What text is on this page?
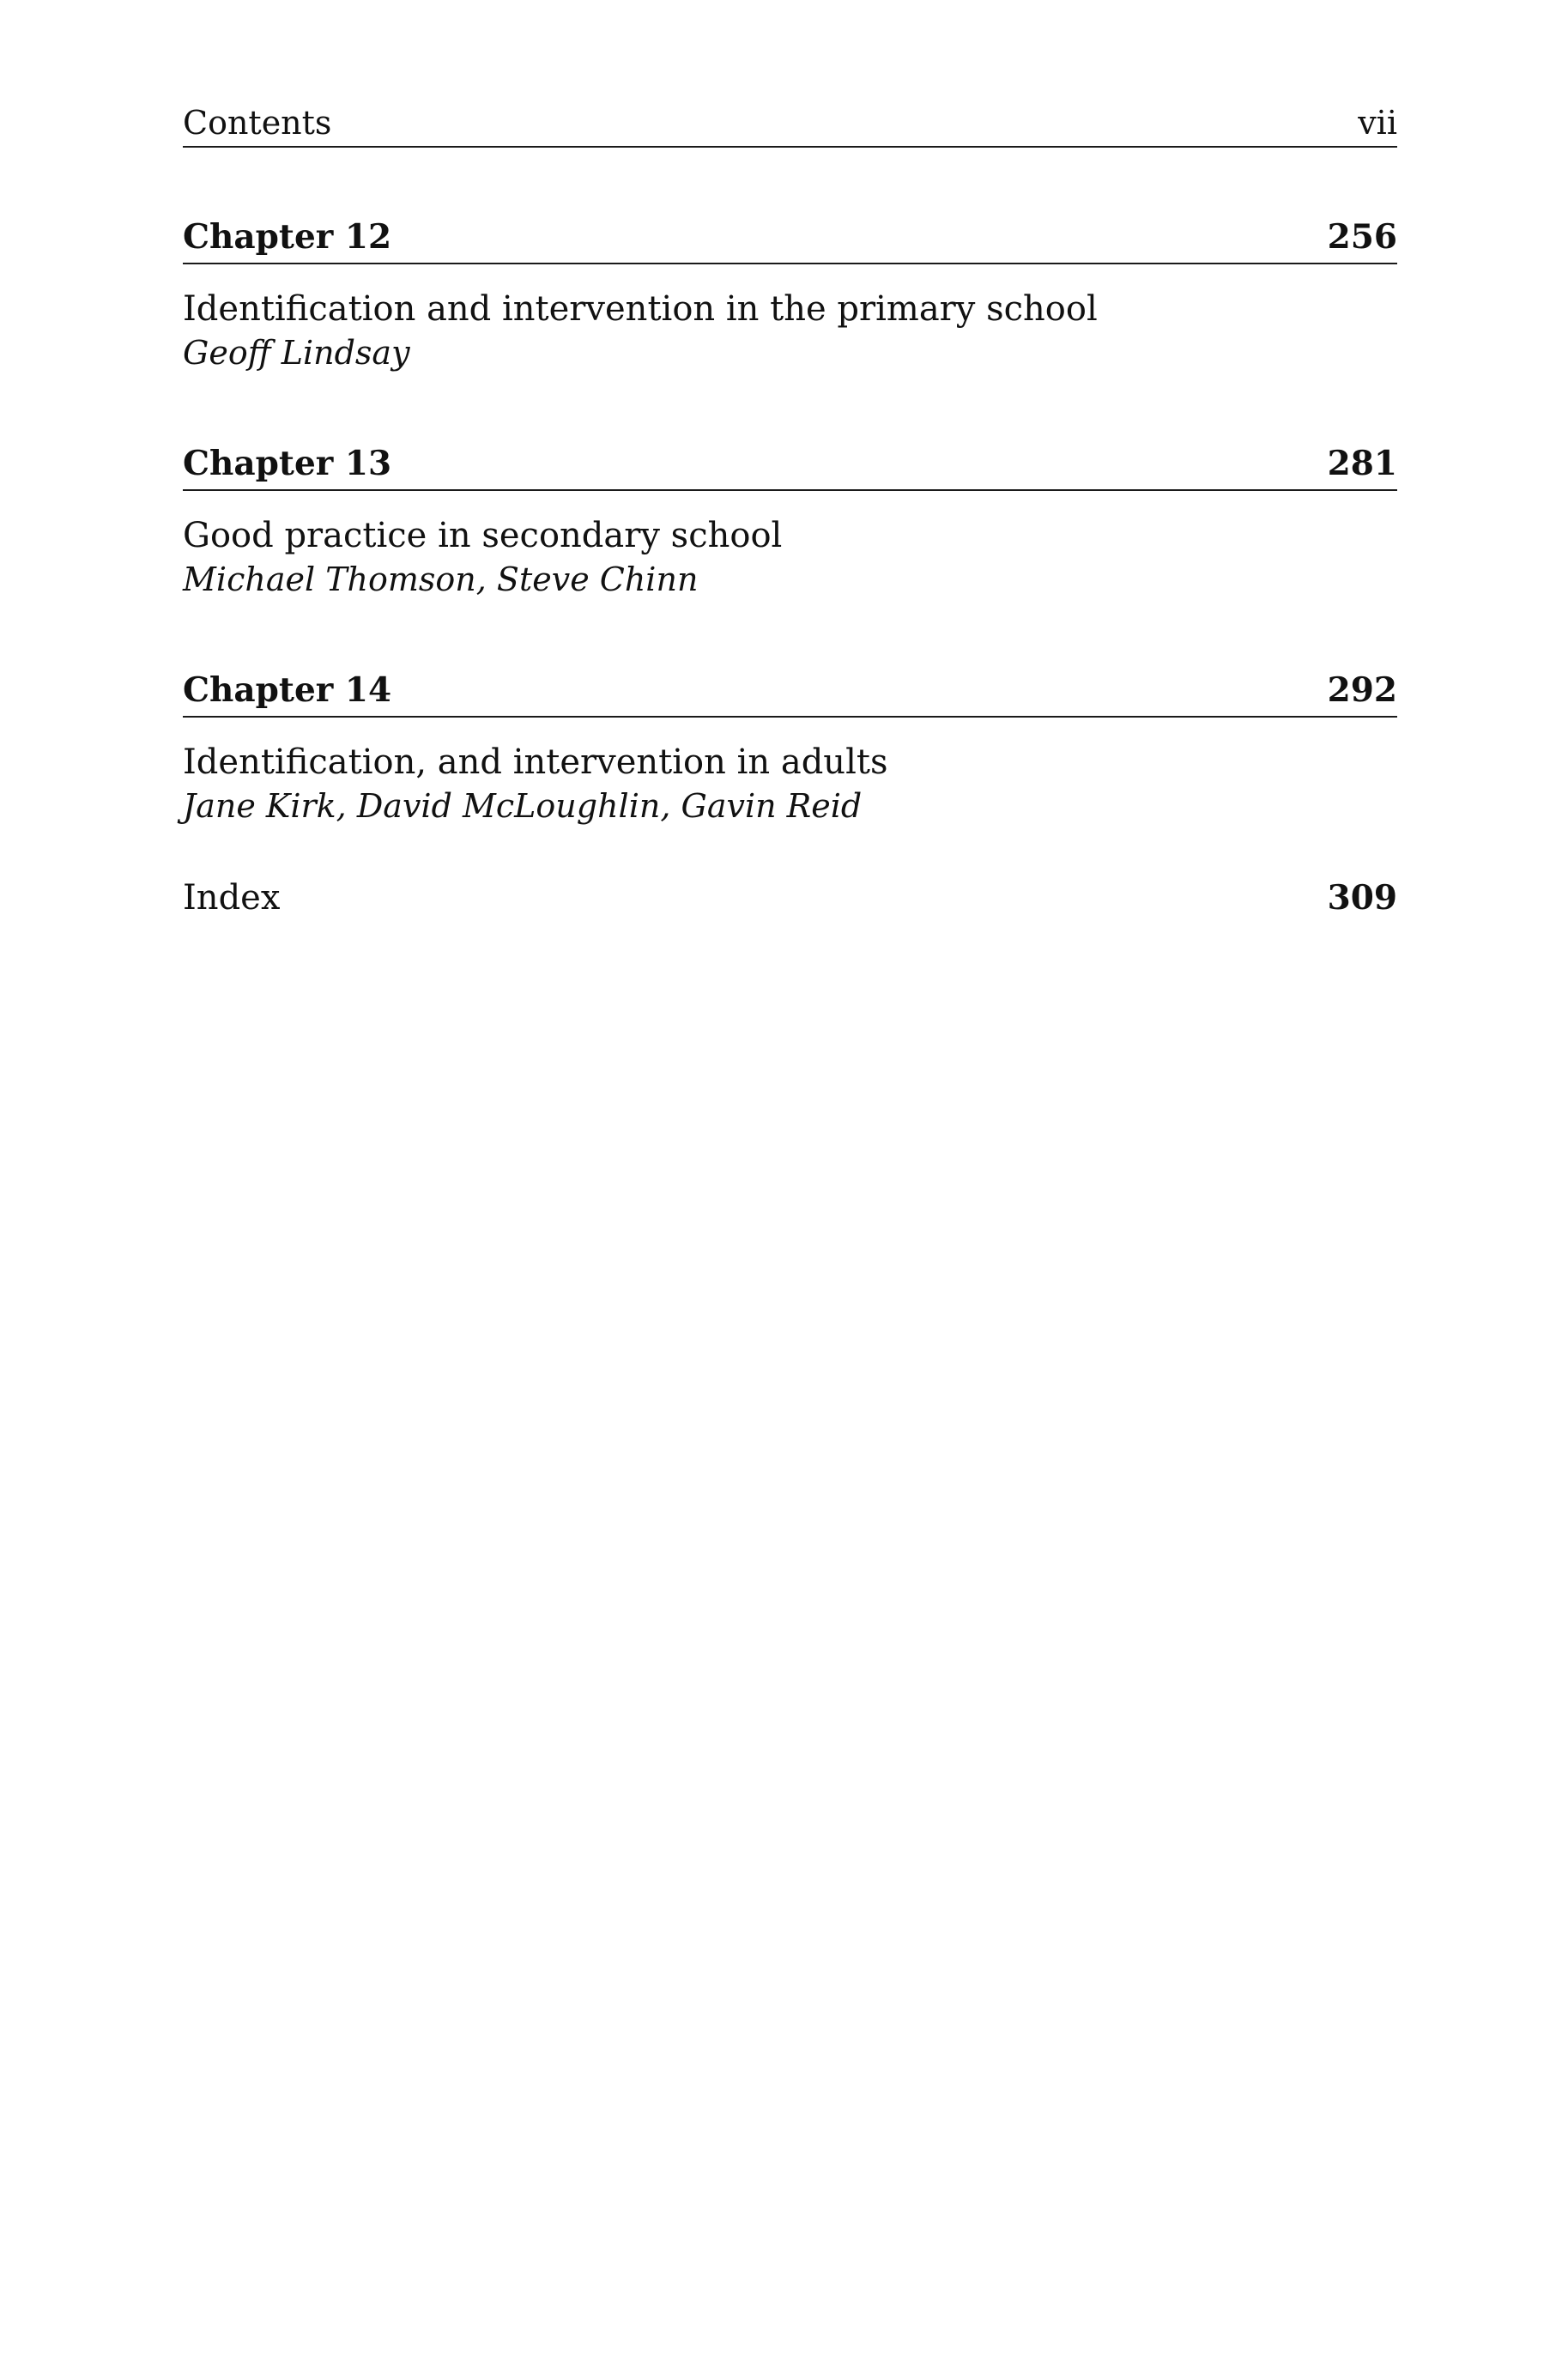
Contents	vii
Chapter 12	256
Identification and intervention in the primary school
Geoff Lindsay
Chapter 13	281
Good practice in secondary school
Michael Thomson, Steve Chinn
Chapter 14	292
Identification, and intervention in adults
Jane Kirk, David McLoughlin, Gavin Reid
Index	309
